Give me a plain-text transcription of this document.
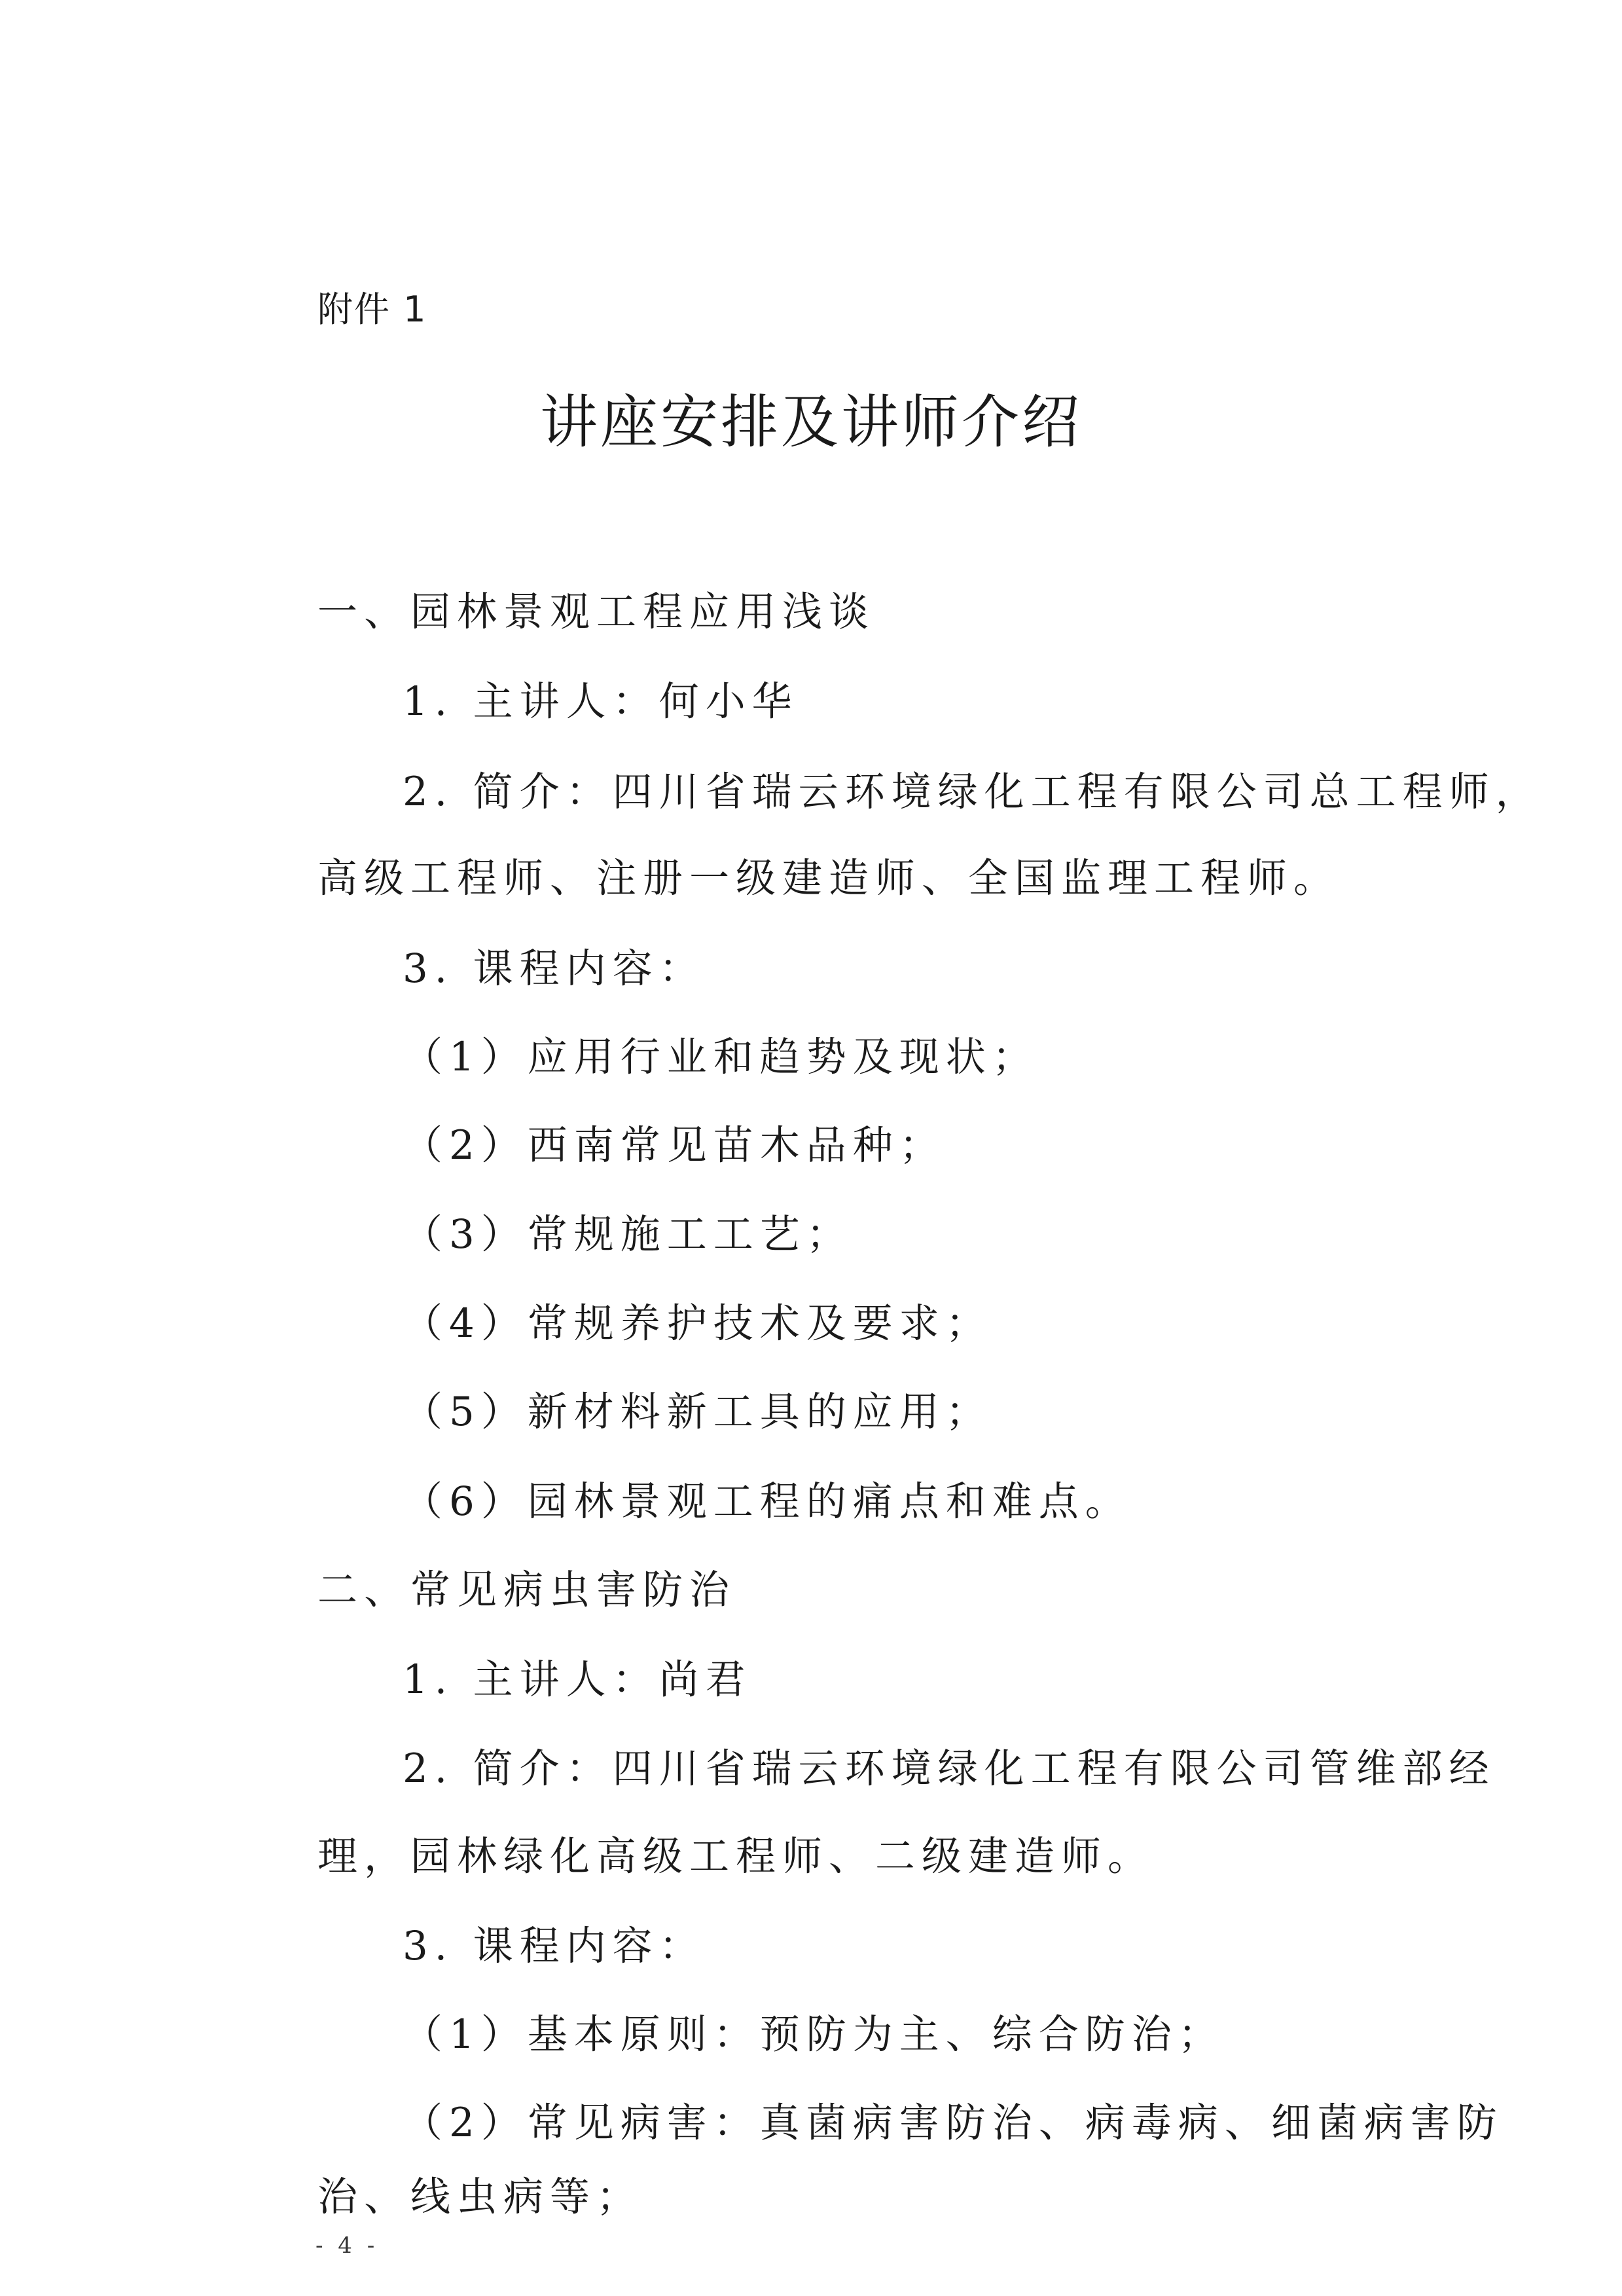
附件 1
讲座安排及讲师介绍
一、园林景观工程应用浅谈
1. 主讲人：何小华
2. 简介：四川省瑞云环境绿化工程有限公司总工程师，
高级工程师、注册一级建造师、全国监理工程师。
3. 课程内容：
（1）应用行业和趋势及现状；
（2）西南常见苗木品种；
（3）常规施工工艺；
（4）常规养护技术及要求；
（5）新材料新工具的应用；
（6）园林景观工程的痛点和难点。
二、常见病虫害防治
1. 主讲人：尚君
2. 简介：四川省瑞云环境绿化工程有限公司管维部经
理，园林绿化高级工程师、二级建造师。
3. 课程内容：
（1）基本原则：预防为主、综合防治；
（2）常见病害：真菌病害防治、病毒病、细菌病害防
治、线虫病等；
- 4 -
